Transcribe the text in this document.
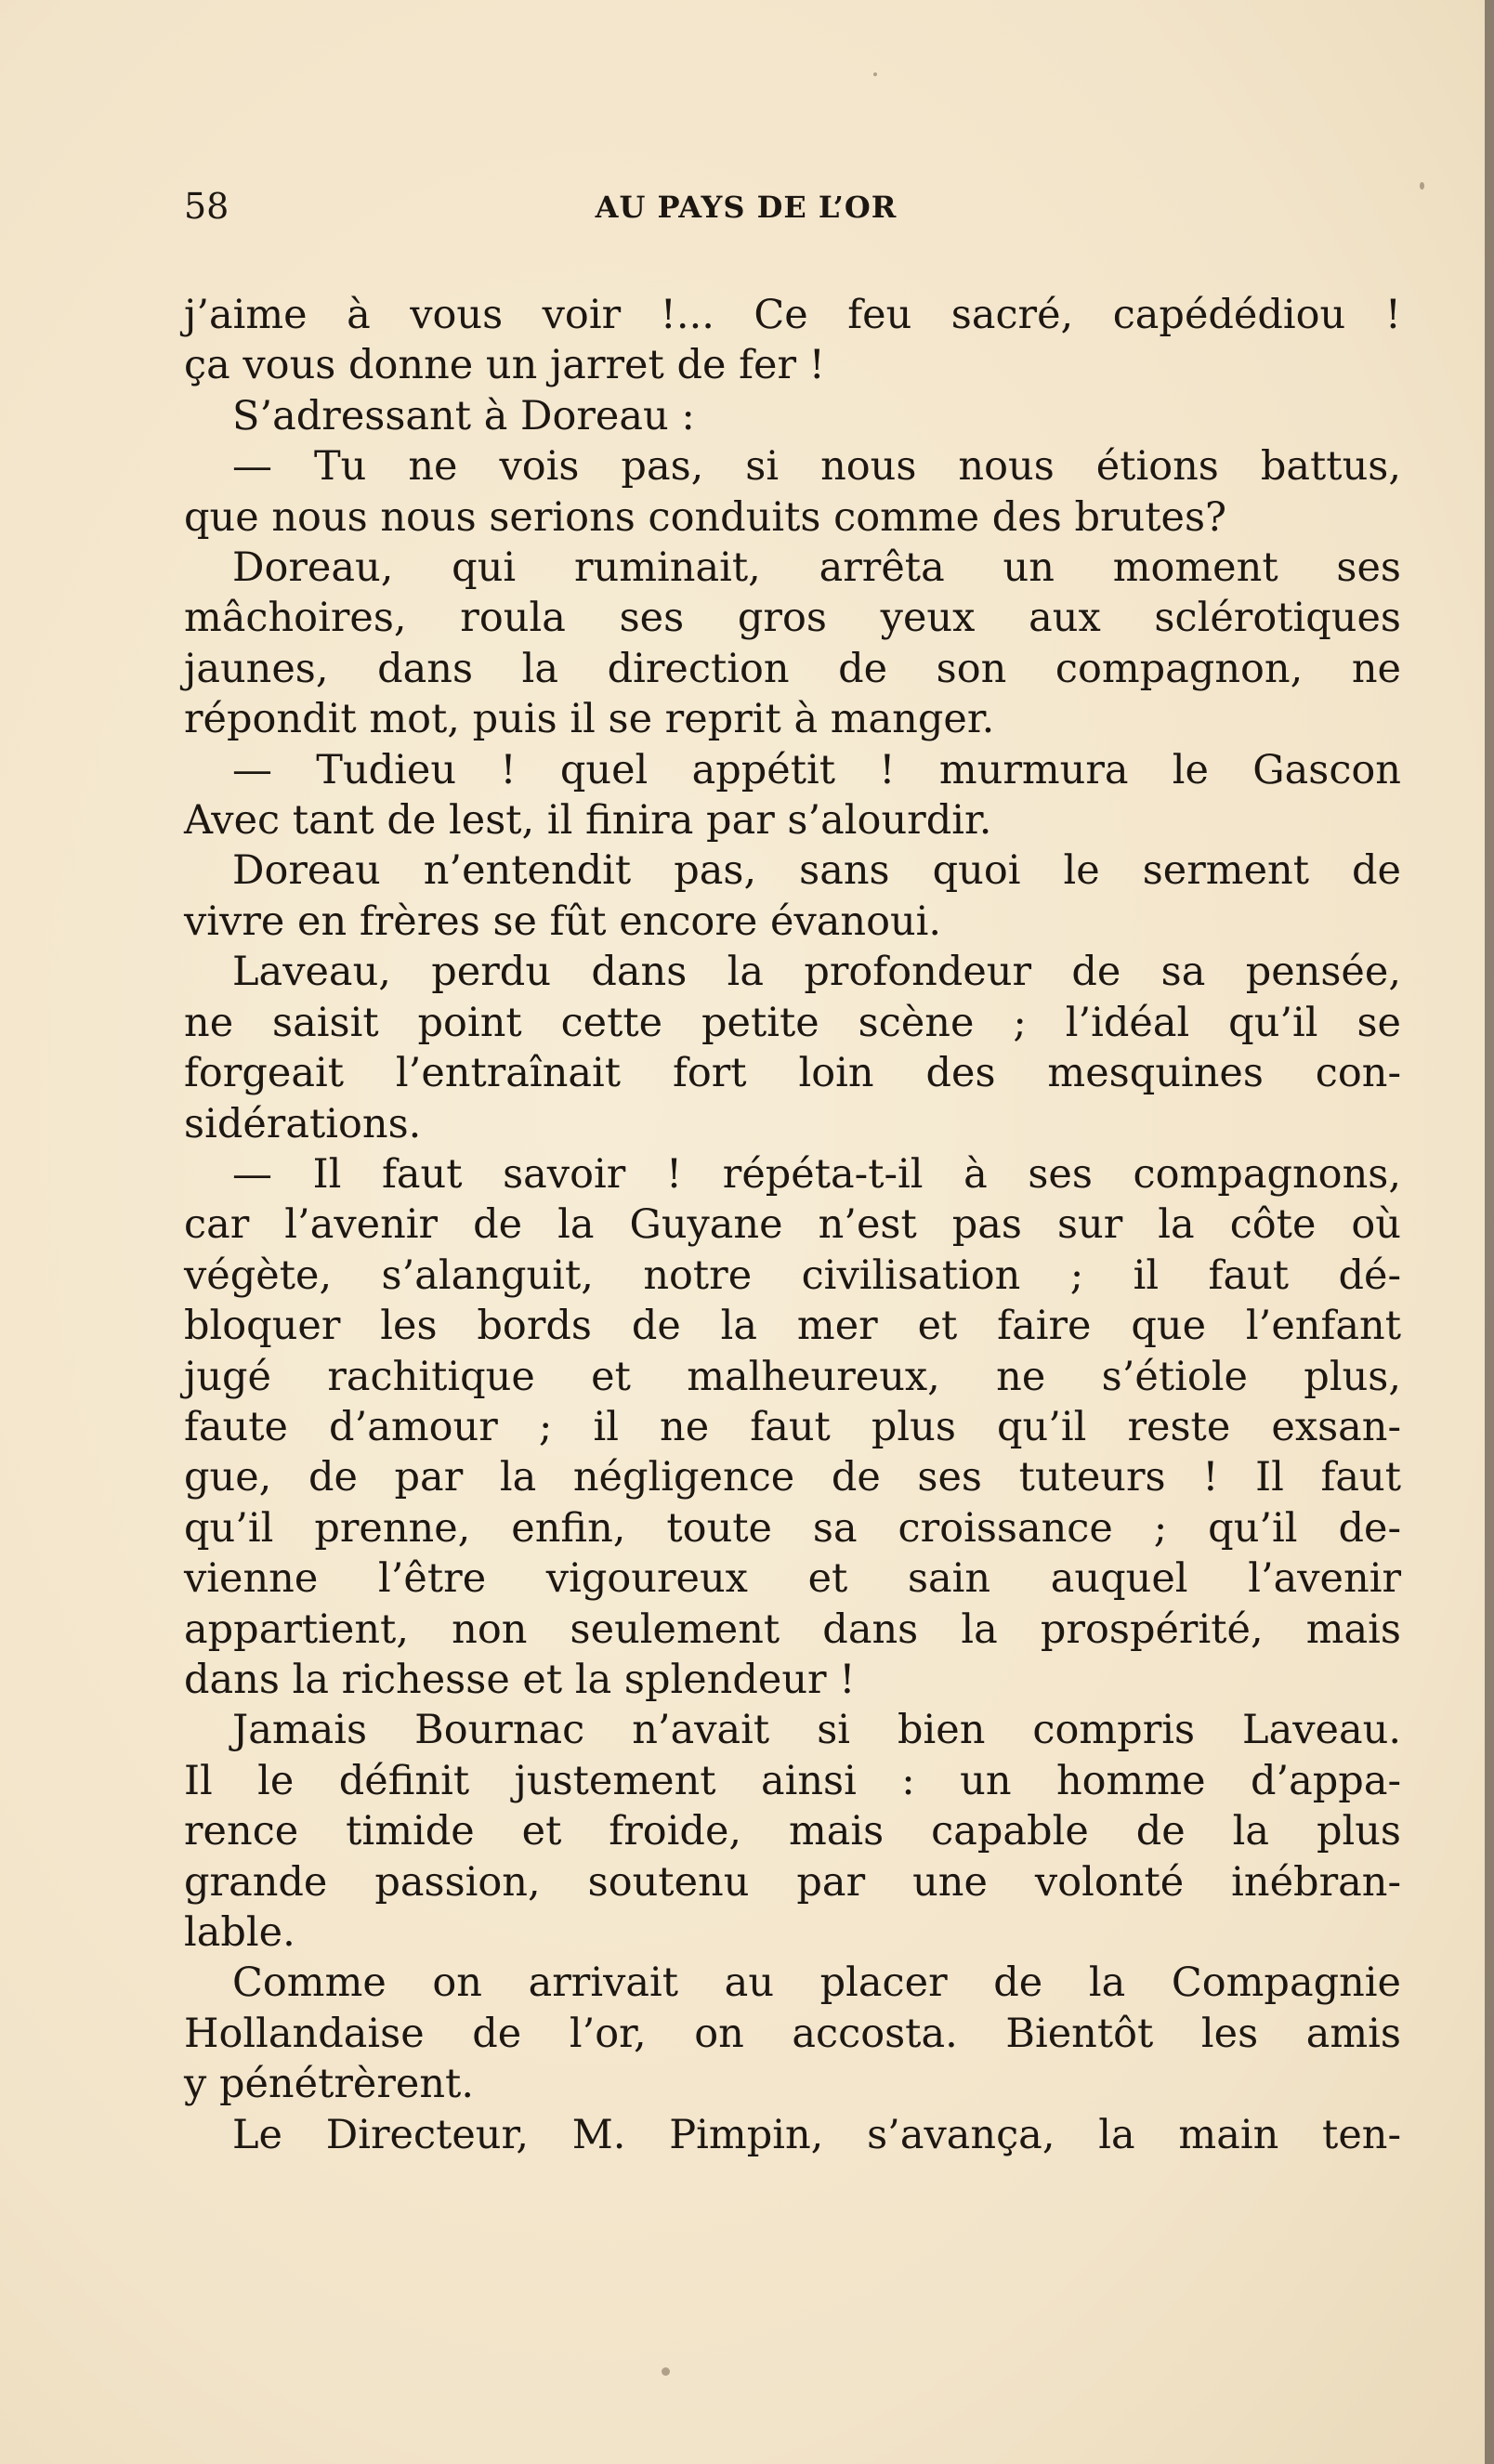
58	AU PAYS DE L’OR
j’aime à vous voir !... Ce feu sacré, capédédiou !
ça vous donne un jarret de fer !
S’adressant à Doreau :
— Tu ne vois pas, si nous nous étions battus,
que nous nous serions conduits comme des brutes?
Doreau, qui ruminait, arrêta un moment ses
mâchoires, roula ses gros yeux aux sclérotiques
jaunes, dans la direction de son compagnon, ne
répondit mot, puis il se reprit à manger.
— Tudieu ! quel appétit ! murmura le Gascon
Avec tant de lest, il finira par s’alourdir.
Doreau n’entendit pas, sans quoi le serment de
vivre en frères se fût encore évanoui.
Laveau, perdu dans la profondeur de sa pensée,
ne saisit point cette petite scène ; l’idéal qu’il se
forgeait l’entraînait fort loin des mesquines con-
sidérations.
— Il faut savoir ! répéta-t-il à ses compagnons,
car l’avenir de la Guyane n’est pas sur la côte où
végète, s’alanguit, notre civilisation ; il faut dé-
bloquer les bords de la mer et faire que l’enfant
jugé rachitique et malheureux, ne s’étiole plus,
faute d’amour ; il ne faut plus qu’il reste exsan-
gue, de par la négligence de ses tuteurs ! Il faut
qu’il prenne, enfin, toute sa croissance ; qu’il de-
vienne l’être vigoureux et sain auquel l’avenir
appartient, non seulement dans la prospérité, mais
dans la richesse et la splendeur !
Jamais Bournac n’avait si bien compris Laveau.
Il le définit justement ainsi : un homme d’appa-
rence timide et froide, mais capable de la plus
grande passion, soutenu par une volonté inébran-
lable.
Comme on arrivait au placer de la Compagnie
Hollandaise de l’or, on accosta. Bientôt les amis
y pénétrèrent.
Le Directeur, M. Pimpin, s’avança, la main ten-
